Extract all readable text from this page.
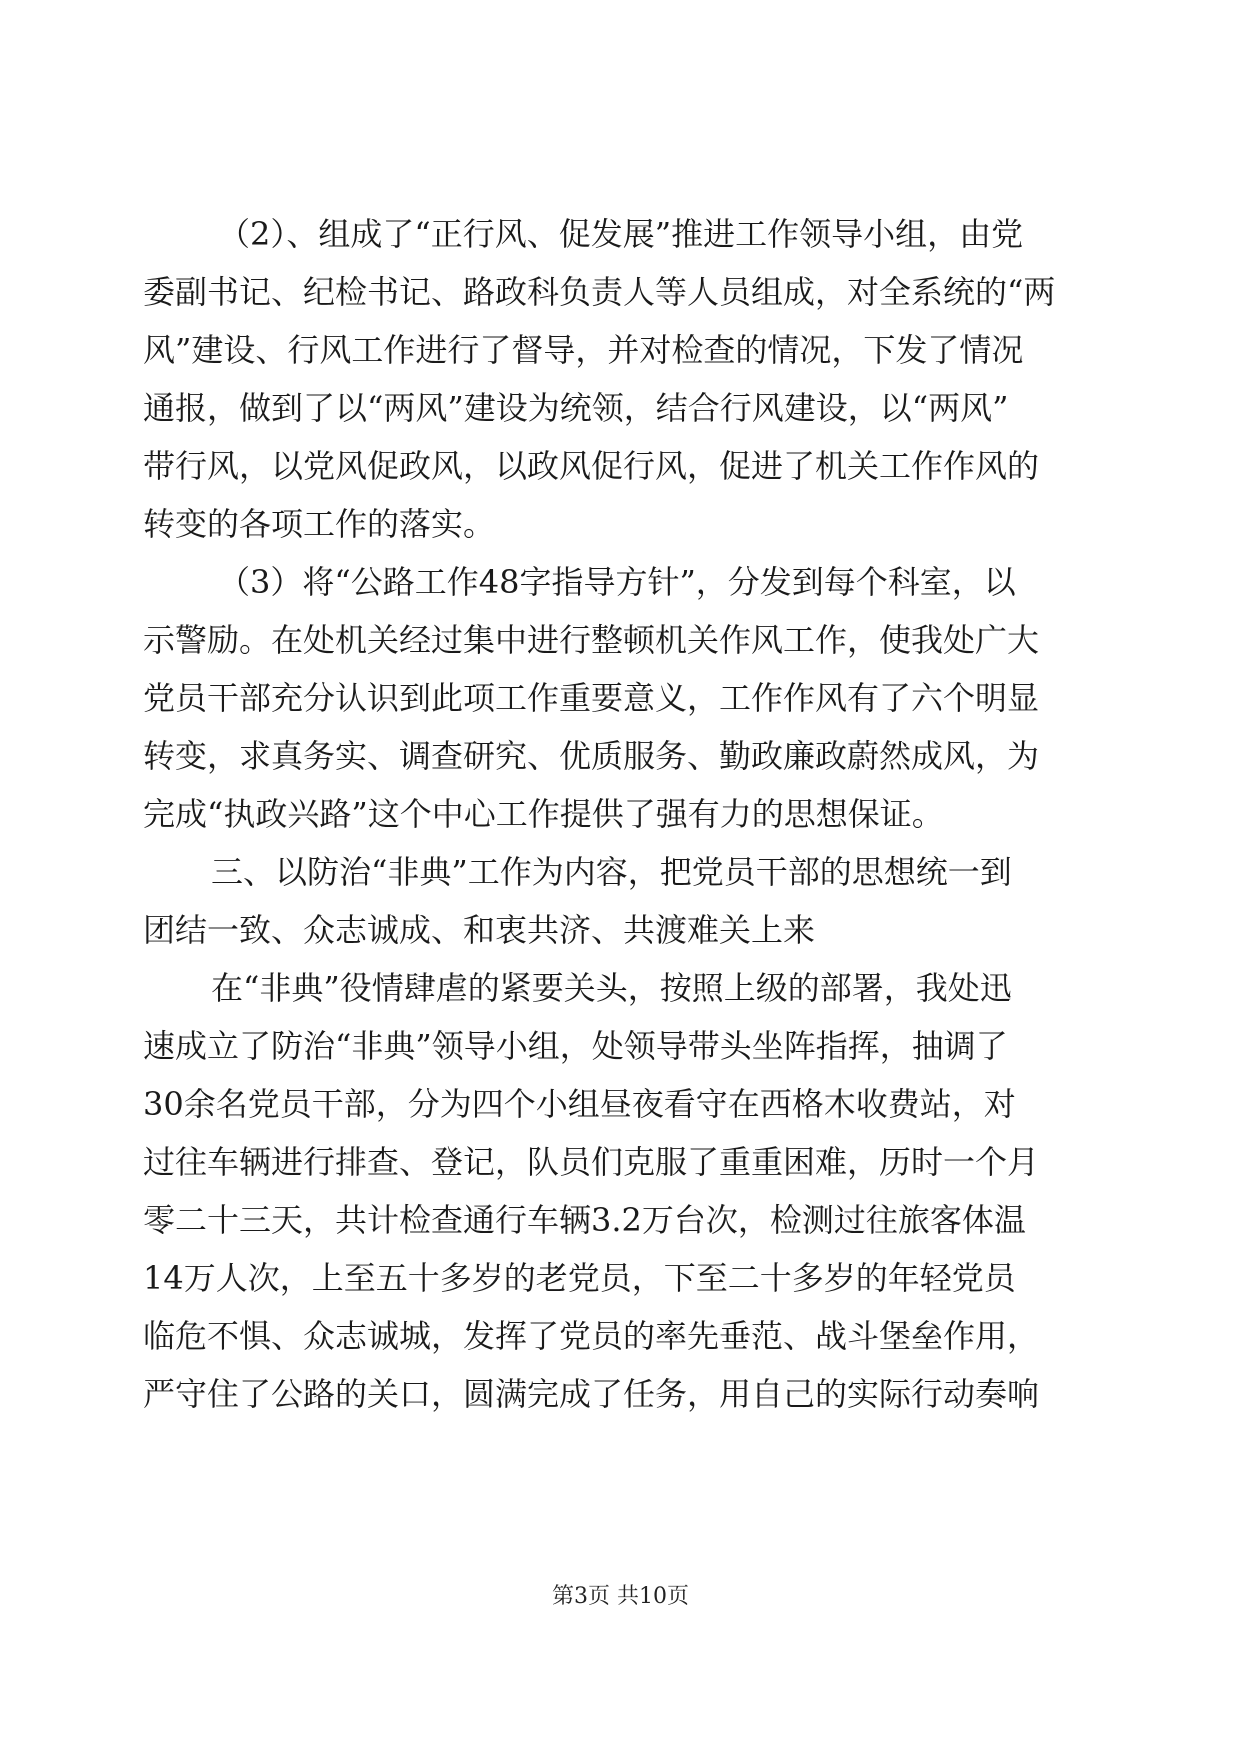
（2）、组成了“正行风、促发展”推进工作领导小组，由党
委副书记、纪检书记、路政科负责人等人员组成，对全系统的“两
风”建设、行风工作进行了督导，并对检查的情况，下发了情况
通报，做到了以“两风”建设为统领，结合行风建设，以“两风”
带行风，以党风促政风，以政风促行风，促进了机关工作作风的
转变的各项工作的落实。
（3）将“公路工作48字指导方针”，分发到每个科室，以
示警励。在处机关经过集中进行整顿机关作风工作，使我处广大
党员干部充分认识到此项工作重要意义，工作作风有了六个明显
转变，求真务实、调查研究、优质服务、勤政廉政蔚然成风，为
完成“执政兴路”这个中心工作提供了强有力的思想保证。
三、以防治“非典”工作为内容，把党员干部的思想统一到
团结一致、众志诚成、和衷共济、共渡难关上来
在“非典”役情肆虐的紧要关头，按照上级的部署，我处迅
速成立了防治“非典”领导小组，处领导带头坐阵指挥，抽调了
30余名党员干部，分为四个小组昼夜看守在西格木收费站，对
过往车辆进行排查、登记，队员们克服了重重困难，历时一个月
零二十三天，共计检查通行车辆3.2万台次，检测过往旅客体温
14万人次，上至五十多岁的老党员，下至二十多岁的年轻党员
临危不惧、众志诚城，发挥了党员的率先垂范、战斗堡垒作用，
严守住了公路的关口，圆满完成了任务，用自己的实际行动奏响
第3页 共10页
